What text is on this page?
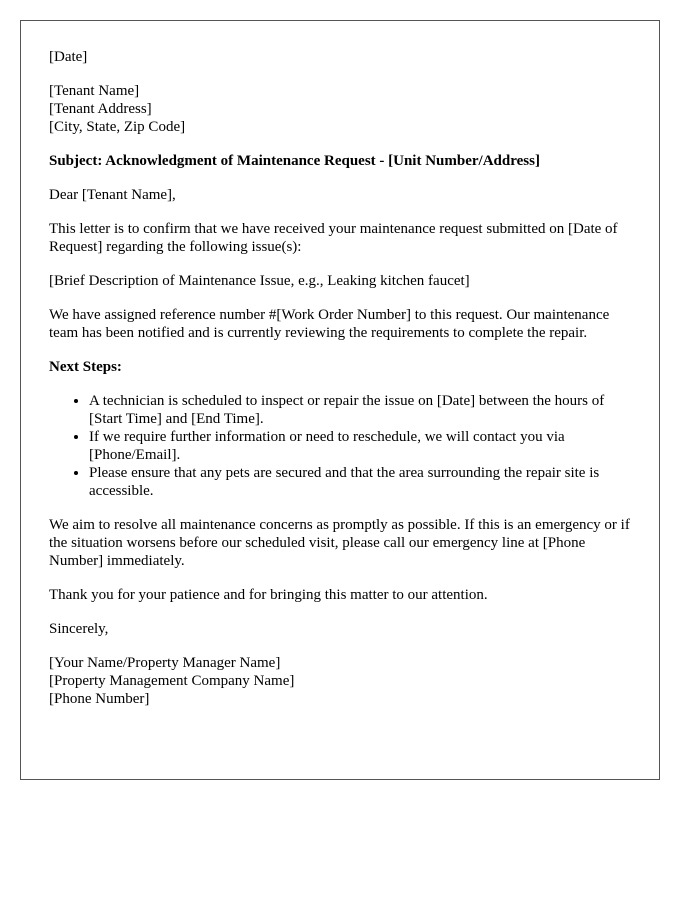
[Date]

[Tenant Name]
[Tenant Address]
[City, State, Zip Code]

Subject: Acknowledgment of Maintenance Request - [Unit Number/Address]

Dear [Tenant Name],

This letter is to confirm that we have received your maintenance request submitted on [Date of Request] regarding the following issue(s):

[Brief Description of Maintenance Issue, e.g., Leaking kitchen faucet]

We have assigned reference number #[Work Order Number] to this request. Our maintenance team has been notified and is currently reviewing the requirements to complete the repair.

Next Steps:

• A technician is scheduled to inspect or repair the issue on [Date] between the hours of [Start Time] and [End Time].
• If we require further information or need to reschedule, we will contact you via [Phone/Email].
• Please ensure that any pets are secured and that the area surrounding the repair site is accessible.

We aim to resolve all maintenance concerns as promptly as possible. If this is an emergency or if the situation worsens before our scheduled visit, please call our emergency line at [Phone Number] immediately.

Thank you for your patience and for bringing this matter to our attention.

Sincerely,

[Your Name/Property Manager Name]
[Property Management Company Name]
[Phone Number]
